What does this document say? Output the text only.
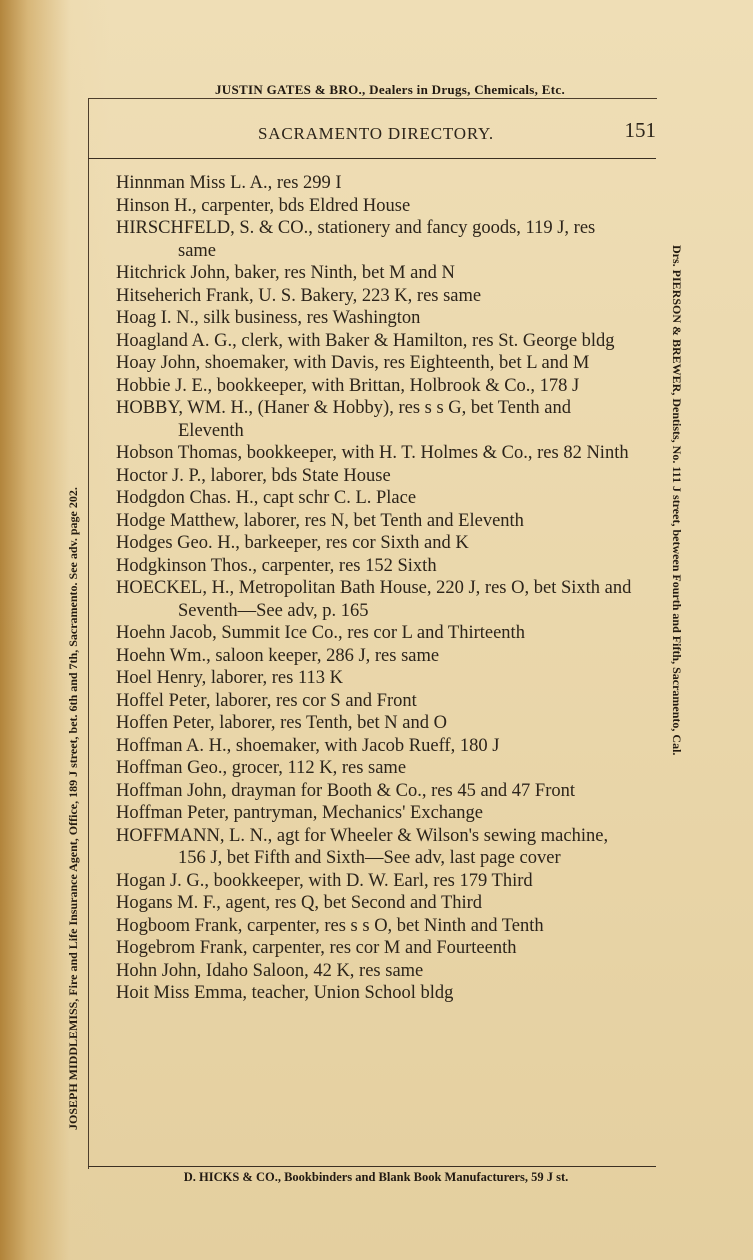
JUSTIN GATES & BRO., Dealers in Drugs, Chemicals, Etc.
SACRAMENTO DIRECTORY.	151
JOSEPH MIDDLEMISS, Fire and Life Insurance Agent, Office, 189 J street, bet. 6th and 7th, Sacramento. See adv. page 202.	Drs. PIERSON & BREWER, Dentists, No. 111 J street, between Fourth and Fifth, Sacramento, Cal.

Hinnman Miss L. A., res 299 I

Hinson H., carpenter, bds Eldred House

HIRSCHFELD, S. & CO., stationery and fancy goods, 119 J, res same

Hitchrick John, baker, res Ninth, bet M and N

Hitseherich Frank, U. S. Bakery, 223 K, res same

Hoag I. N., silk business, res Washington

Hoagland A. G., clerk, with Baker & Hamilton, res St. George bldg

Hoay John, shoemaker, with Davis, res Eighteenth, bet L and M

Hobbie J. E., bookkeeper, with Brittan, Holbrook & Co., 178 J

HOBBY, WM. H., (Haner & Hobby), res s s G, bet Tenth and Eleventh

Hobson Thomas, bookkeeper, with H. T. Holmes & Co., res 82 Ninth

Hoctor J. P., laborer, bds State House

Hodgdon Chas. H., capt schr C. L. Place

Hodge Matthew, laborer, res N, bet Tenth and Eleventh

Hodges Geo. H., barkeeper, res cor Sixth and K

Hodgkinson Thos., carpenter, res 152 Sixth

HOECKEL, H., Metropolitan Bath House, 220 J, res O, bet Sixth and Seventh—See adv, p. 165

Hoehn Jacob, Summit Ice Co., res cor L and Thirteenth

Hoehn Wm., saloon keeper, 286 J, res same

Hoel Henry, laborer, res 113 K

Hoffel Peter, laborer, res cor S and Front

Hoffen Peter, laborer, res Tenth, bet N and O

Hoffman A. H., shoemaker, with Jacob Rueff, 180 J

Hoffman Geo., grocer, 112 K, res same

Hoffman John, drayman for Booth & Co., res 45 and 47 Front

Hoffman Peter, pantryman, Mechanics' Exchange

HOFFMANN, L. N., agt for Wheeler & Wilson's sewing machine, 156 J, bet Fifth and Sixth—See adv, last page cover

Hogan J. G., bookkeeper, with D. W. Earl, res 179 Third

Hogans M. F., agent, res Q, bet Second and Third

Hogboom Frank, carpenter, res s s O, bet Ninth and Tenth

Hogebrom Frank, carpenter, res cor M and Fourteenth

Hohn John, Idaho Saloon, 42 K, res same

Hoit Miss Emma, teacher, Union School bldg

D. HICKS & CO., Bookbinders and Blank Book Manufacturers, 59 J st.
